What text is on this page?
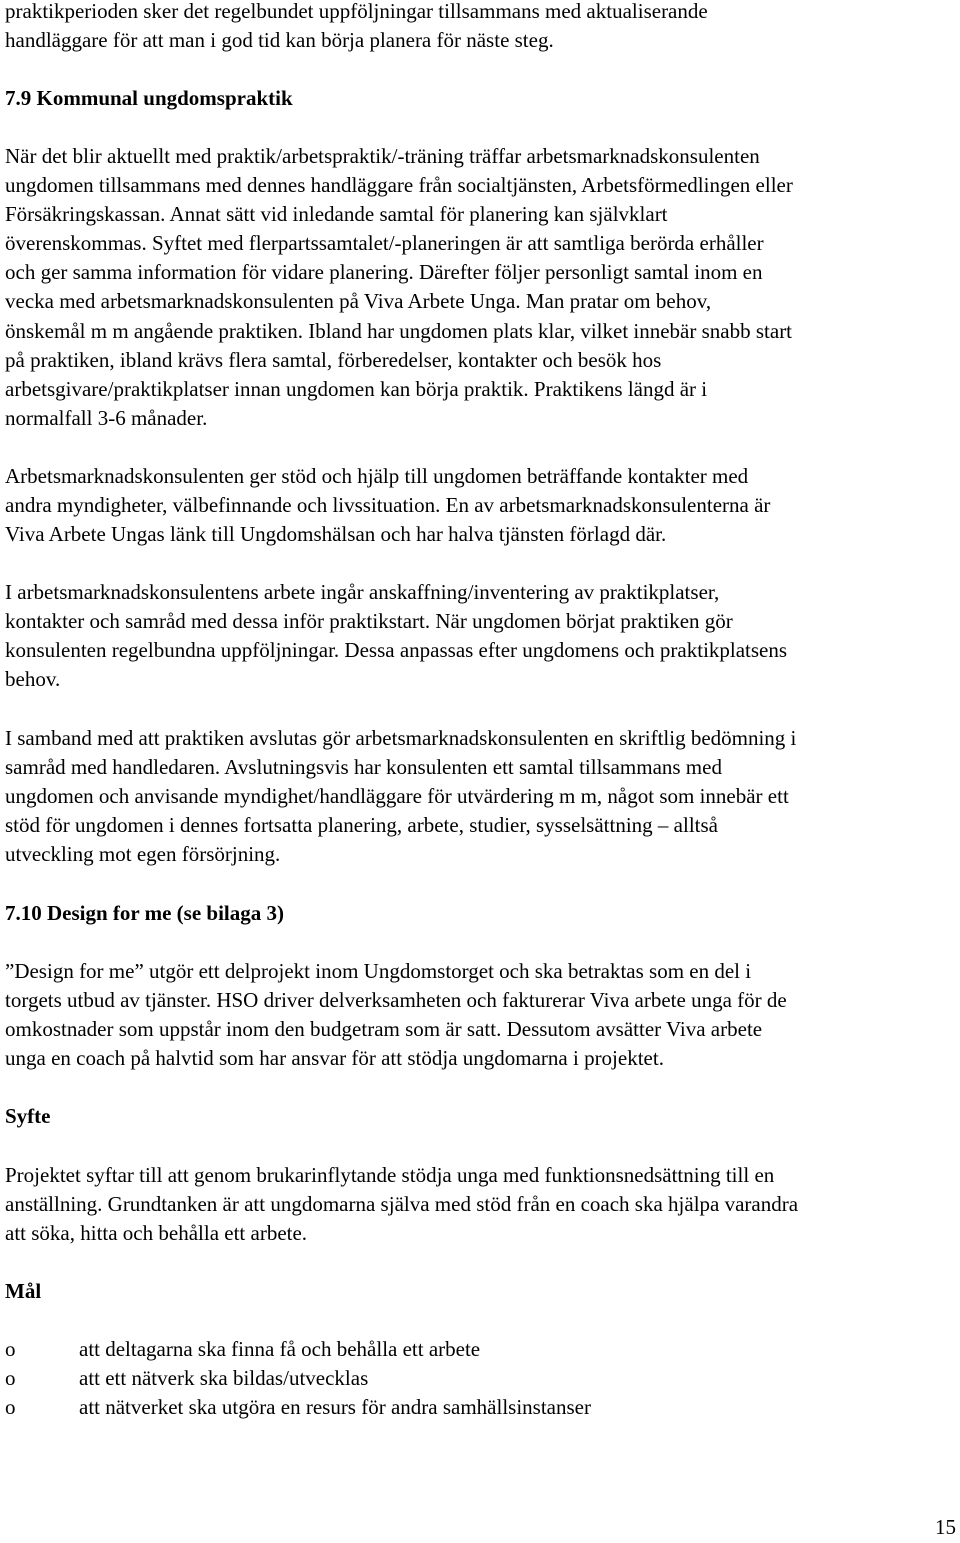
praktikperioden sker det regelbundet uppföljningar tillsammans med aktualiserande
handläggare för att man i god tid kan börja planera för näste steg.

7.9 Kommunal ungdomspraktik

När det blir aktuellt med praktik/arbetspraktik/-träning träffar arbetsmarknadskonsulenten
ungdomen tillsammans med dennes handläggare från socialtjänsten, Arbetsförmedlingen eller
Försäkringskassan. Annat sätt vid inledande samtal för planering kan självklart
överenskommas. Syftet med flerpartssamtalet/-planeringen är att samtliga berörda erhåller
och ger samma information för vidare planering. Därefter följer personligt samtal inom en
vecka med arbetsmarknadskonsulenten på Viva Arbete Unga. Man pratar om behov,
önskemål m m angående praktiken. Ibland har ungdomen plats klar, vilket innebär snabb start
på praktiken, ibland krävs flera samtal, förberedelser, kontakter och besök hos
arbetsgivare/praktikplatser innan ungdomen kan börja praktik. Praktikens längd är i
normalfall 3-6 månader.

Arbetsmarknadskonsulenten ger stöd och hjälp till ungdomen beträffande kontakter med
andra myndigheter, välbefinnande och livssituation. En av arbetsmarknadskonsulenterna är
Viva Arbete Ungas länk till Ungdomshälsan och har halva tjänsten förlagd där.

I arbetsmarknadskonsulentens arbete ingår anskaffning/inventering av praktikplatser,
kontakter och samråd med dessa inför praktikstart. När ungdomen börjat praktiken gör
konsulenten regelbundna uppföljningar. Dessa anpassas efter ungdomens och praktikplatsens
behov.

I samband med att praktiken avslutas gör arbetsmarknadskonsulenten en skriftlig bedömning i
samråd med handledaren. Avslutningsvis har konsulenten ett samtal tillsammans med
ungdomen och anvisande myndighet/handläggare för utvärdering m m, något som innebär ett
stöd för ungdomen i dennes fortsatta planering, arbete, studier, sysselsättning – alltså
utveckling mot egen försörjning.

7.10 Design for me (se bilaga 3)

”Design for me” utgör ett delprojekt inom Ungdomstorget och ska betraktas som en del i
torgets utbud av tjänster. HSO driver delverksamheten och fakturerar Viva arbete unga för de
omkostnader som uppstår inom den budgetram som är satt. Dessutom avsätter Viva arbete
unga en coach på halvtid som har ansvar för att stödja ungdomarna i projektet.

Syfte

Projektet syftar till att genom brukarinflytande stödja unga med funktionsnedsättning till en
anställning. Grundtanken är att ungdomarna själva med stöd från en coach ska hjälpa varandra
att söka, hitta och behålla ett arbete.

Mål

o	att deltagarna ska finna få och behålla ett arbete
o	att ett nätverk ska bildas/utvecklas
o	att nätverket ska utgöra en resurs för andra samhällsinstanser
15
